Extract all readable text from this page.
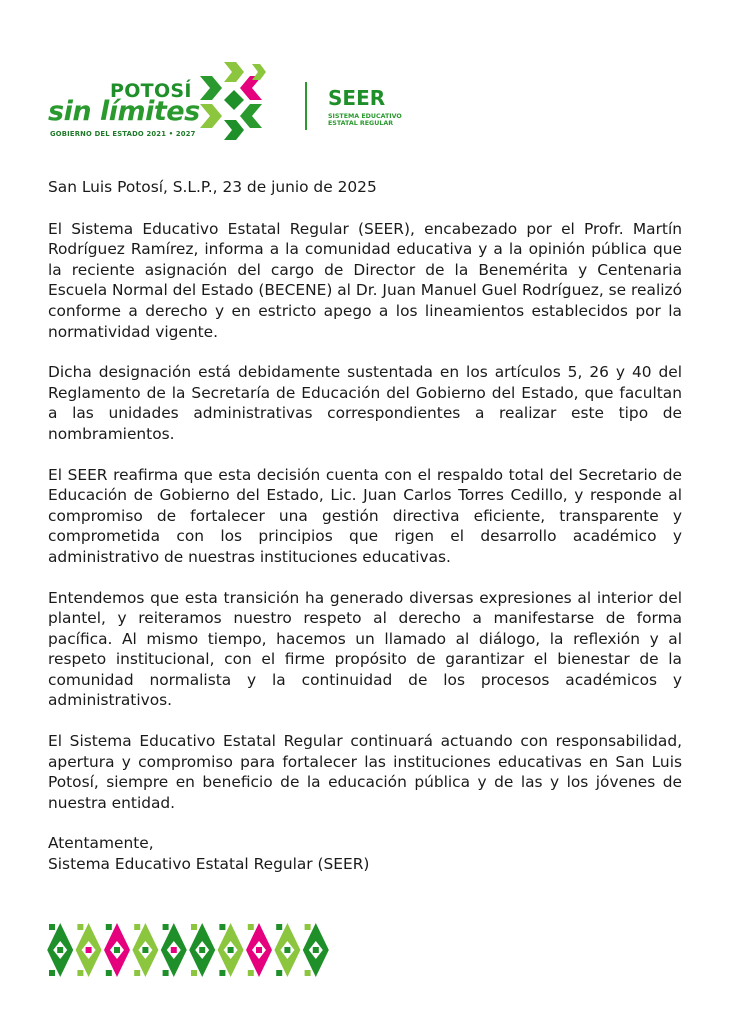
POTOSÍ
sin límites
GOBIERNO DEL ESTADO 2021 • 2027
SEER
SISTEMA EDUCATIVO
ESTATAL REGULAR

San Luis Potosí, S.L.P., 23 de junio de 2025

El Sistema Educativo Estatal Regular (SEER), encabezado por el Profr. Martín Rodríguez Ramírez, informa a la comunidad educativa y a la opinión pública que la reciente asignación del cargo de Director de la Benemérita y Centenaria Escuela Normal del Estado (BECENE) al Dr. Juan Manuel Guel Rodríguez, se realizó conforme a derecho y en estricto apego a los lineamientos establecidos por la normatividad vigente.

Dicha designación está debidamente sustentada en los artículos 5, 26 y 40 del Reglamento de la Secretaría de Educación del Gobierno del Estado, que facultan a las unidades administrativas correspondientes a realizar este tipo de nombramientos.

El SEER reafirma que esta decisión cuenta con el respaldo total del Secretario de Educación de Gobierno del Estado, Lic. Juan Carlos Torres Cedillo, y responde al compromiso de fortalecer una gestión directiva eficiente, transparente y comprometida con los principios que rigen el desarrollo académico y administrativo de nuestras instituciones educativas.

Entendemos que esta transición ha generado diversas expresiones al interior del plantel, y reiteramos nuestro respeto al derecho a manifestarse de forma pacífica. Al mismo tiempo, hacemos un llamado al diálogo, la reflexión y al respeto institucional, con el firme propósito de garantizar el bienestar de la comunidad normalista y la continuidad de los procesos académicos y administrativos.

El Sistema Educativo Estatal Regular continuará actuando con responsabilidad, apertura y compromiso para fortalecer las instituciones educativas en San Luis Potosí, siempre en beneficio de la educación pública y de las y los jóvenes de nuestra entidad.

Atentamente,

Sistema Educativo Estatal Regular (SEER)
